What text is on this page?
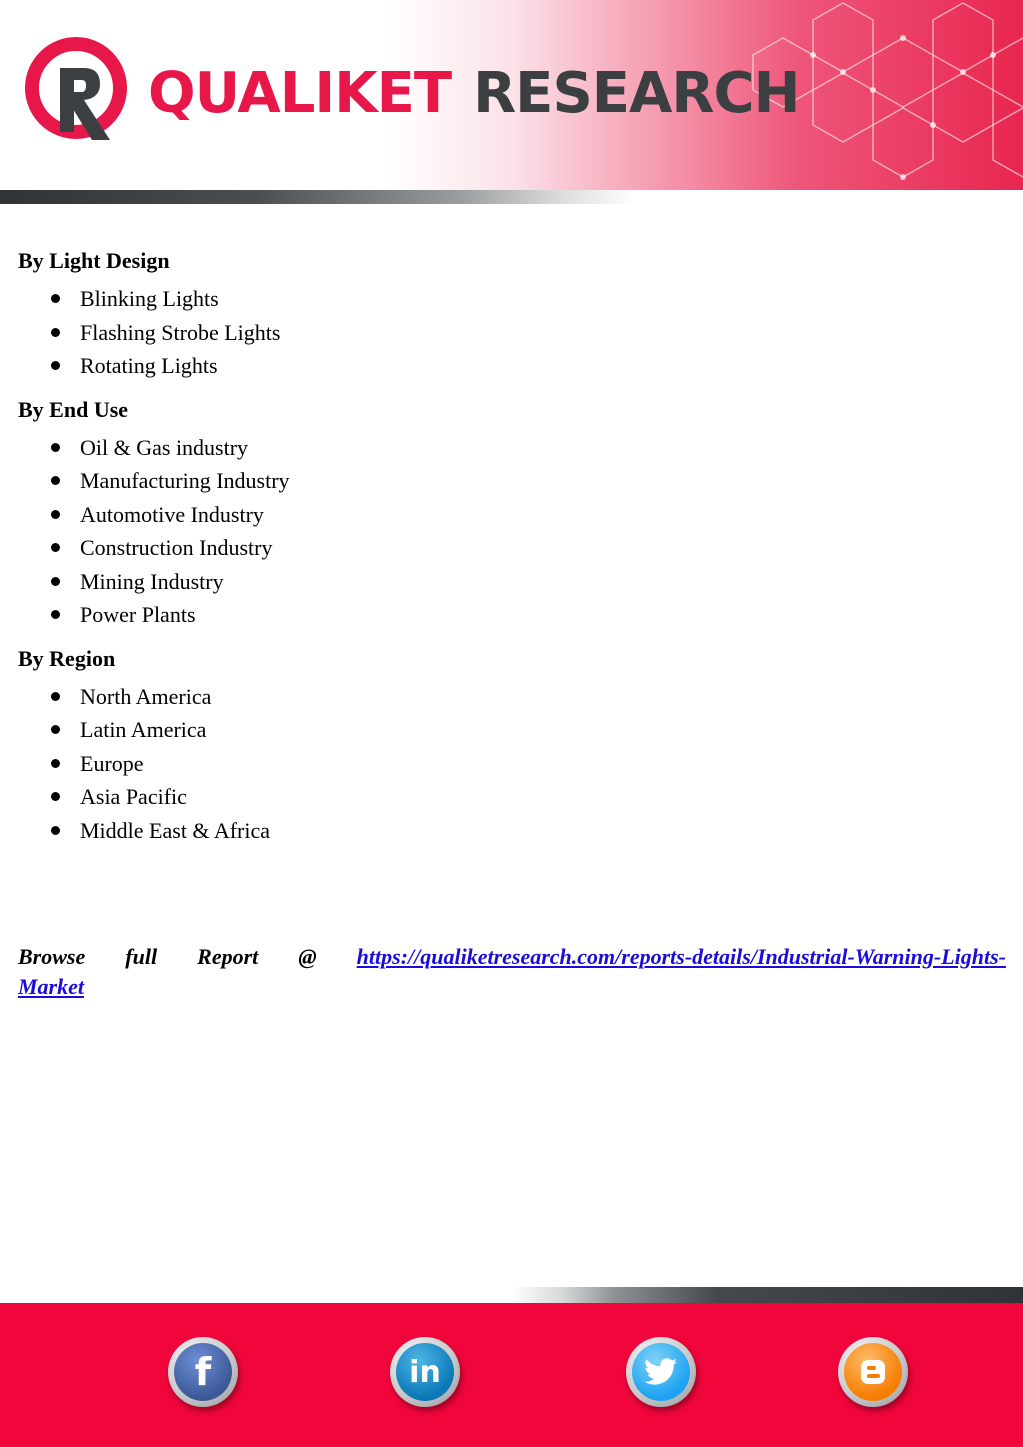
QUALIKET RESEARCH
By Light Design
Blinking Lights
Flashing Strobe Lights
Rotating Lights
By End Use
Oil & Gas industry
Manufacturing Industry
Automotive Industry
Construction Industry
Mining Industry
Power Plants
By Region
North America
Latin America
Europe
Asia Pacific
Middle East & Africa
Browse full Report @ https://qualiketresearch.com/reports-details/Industrial-Warning-Lights-
Market
f	in
